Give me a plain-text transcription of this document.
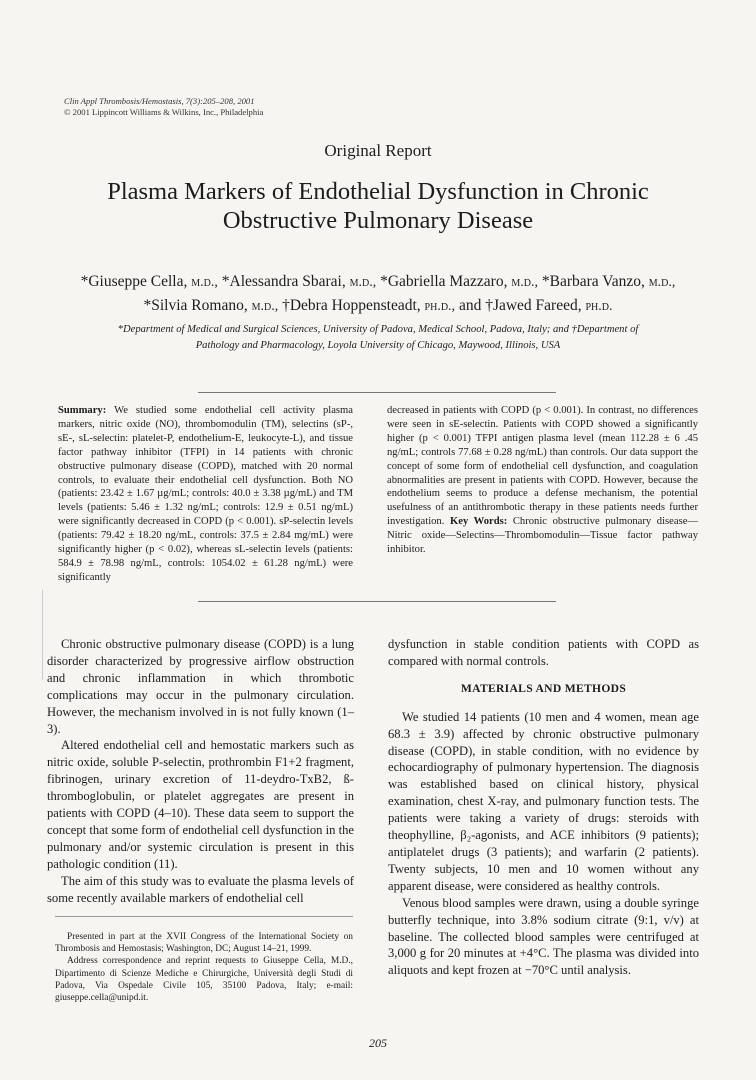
Clin Appl Thrombosis/Hemostasis, 7(3):205–208, 2001
© 2001 Lippincott Williams & Wilkins, Inc., Philadelphia
Original Report
Plasma Markers of Endothelial Dysfunction in Chronic
Obstructive Pulmonary Disease
*Giuseppe Cella, m.d., *Alessandra Sbarai, m.d., *Gabriella Mazzaro, m.d., *Barbara Vanzo, m.d.,
*Silvia Romano, m.d., †Debra Hoppensteadt, ph.d., and †Jawed Fareed, ph.d.
*Department of Medical and Surgical Sciences, University of Padova, Medical School, Padova, Italy; and †Department of
Pathology and Pharmacology, Loyola University of Chicago, Maywood, Illinois, USA
Summary: We studied some endothelial cell activity plasma markers, nitric oxide (NO), thrombomodulin (TM), selectins (sP-, sE-, sL-selectin: platelet-P, endothelium-E, leukocyte-L), and tissue factor pathway inhibitor (TFPI) in 14 patients with chronic obstructive pulmonary disease (COPD), matched with 20 normal controls, to evaluate their endothelial cell dysfunction. Both NO (patients: 23.42 ± 1.67 µg/mL; controls: 40.0 ± 3.38 µg/mL) and TM levels (patients: 5.46 ± 1.32 ng/mL; controls: 12.9 ± 0.51 ng/mL) were significantly decreased in COPD (p < 0.001). sP-selectin levels (patients: 79.42 ± 18.20 ng/mL, controls: 37.5 ± 2.84 mg/mL) were significantly higher (p < 0.02), whereas sL-selectin levels (patients: 584.9 ± 78.98 ng/mL, controls: 1054.02 ± 61.28 ng/mL) were significantly
decreased in patients with COPD (p < 0.001). In contrast, no differences were seen in sE-selectin. Patients with COPD showed a significantly higher (p < 0.001) TFPI antigen plasma level (mean 112.28 ± 6 .45 ng/mL; controls 77.68 ± 0.28 ng/mL) than controls. Our data support the concept of some form of endothelial cell dysfunction, and coagulation abnormalities are present in patients with COPD. However, because the endothelium seems to produce a defense mechanism, the potential usefulness of an antithrombotic therapy in these patients needs further investigation. Key Words: Chronic obstructive pulmonary disease—Nitric oxide—Selectins—Thrombomodulin—Tissue factor pathway inhibitor.

Chronic obstructive pulmonary disease (COPD) is a lung disorder characterized by progressive airflow obstruction and chronic inflammation in which thrombotic complications may occur in the pulmonary circulation. However, the mechanism involved in is not fully known (1–3).

Altered endothelial cell and hemostatic markers such as nitric oxide, soluble P-selectin, prothrombin F1+2 fragment, fibrinogen, urinary excretion of 11-deydro-TxB2, ß-thromboglobulin, or platelet aggregates are present in patients with COPD (4–10). These data seem to support the concept that some form of endothelial cell dysfunction in the pulmonary and/or systemic circulation is present in this pathologic condition (11).

The aim of this study was to evaluate the plasma levels of some recently available markers of endothelial cell

dysfunction in stable condition patients with COPD as compared with normal controls.

MATERIALS AND METHODS

We studied 14 patients (10 men and 4 women, mean age 68.3 ± 3.9) affected by chronic obstructive pulmonary disease (COPD), in stable condition, with no evidence by echocardiography of pulmonary hypertension. The diagnosis was established based on clinical history, physical examination, chest X-ray, and pulmonary function tests. The patients were taking a variety of drugs: steroids with theophylline, β₂-agonists, and ACE inhibitors (9 patients); antiplatelet drugs (3 patients); and warfarin (2 patients). Twenty subjects, 10 men and 10 women without any apparent disease, were considered as healthy controls.

Venous blood samples were drawn, using a double syringe butterfly technique, into 3.8% sodium citrate (9:1, v/v) at baseline. The collected blood samples were centrifuged at 3,000 g for 20 minutes at +4°C. The plasma was divided into aliquots and kept frozen at −70°C until analysis.

Presented in part at the XVII Congress of the International Society on Thrombosis and Hemostasis; Washington, DC; August 14–21, 1999.

Address correspondence and reprint requests to Giuseppe Cella, M.D., Dipartimento di Scienze Mediche e Chirurgiche, Università degli Studi di Padova, Via Ospedale Civile 105, 35100 Padova, Italy; e-mail: giuseppe.cella@unipd.it.

205
